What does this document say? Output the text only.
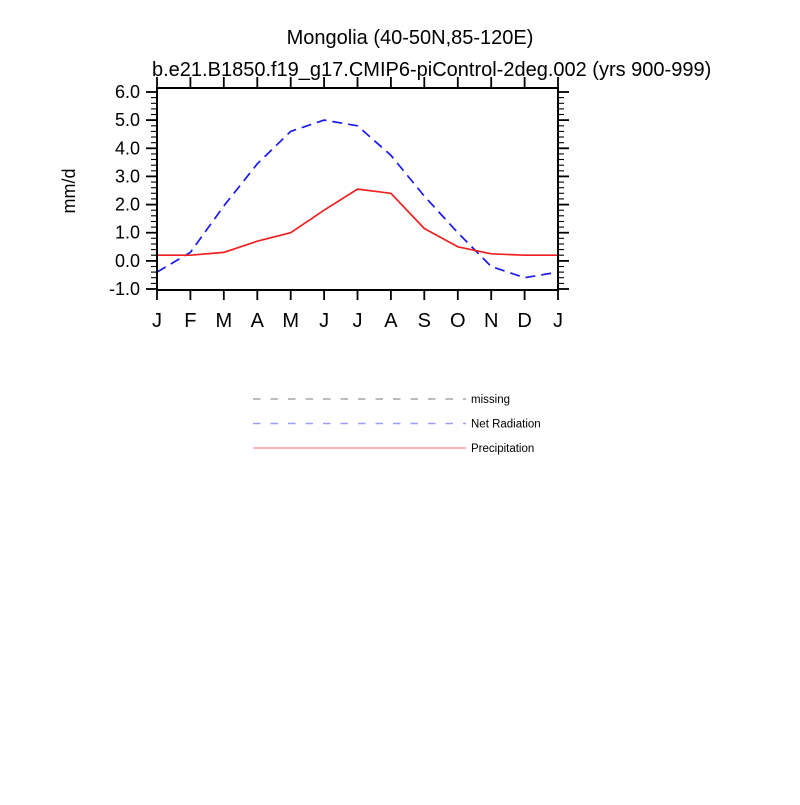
Mongolia (40-50N,85-120E)
b.e21.B1850.f19_g17.CMIP6-piControl-2deg.002 (yrs 900-999)
mm/d
-1.0
0.0
1.0
2.0
3.0
4.0
5.0
6.0
J F M A M J J A S O N D J
missing
Net Radiation
Precipitation
